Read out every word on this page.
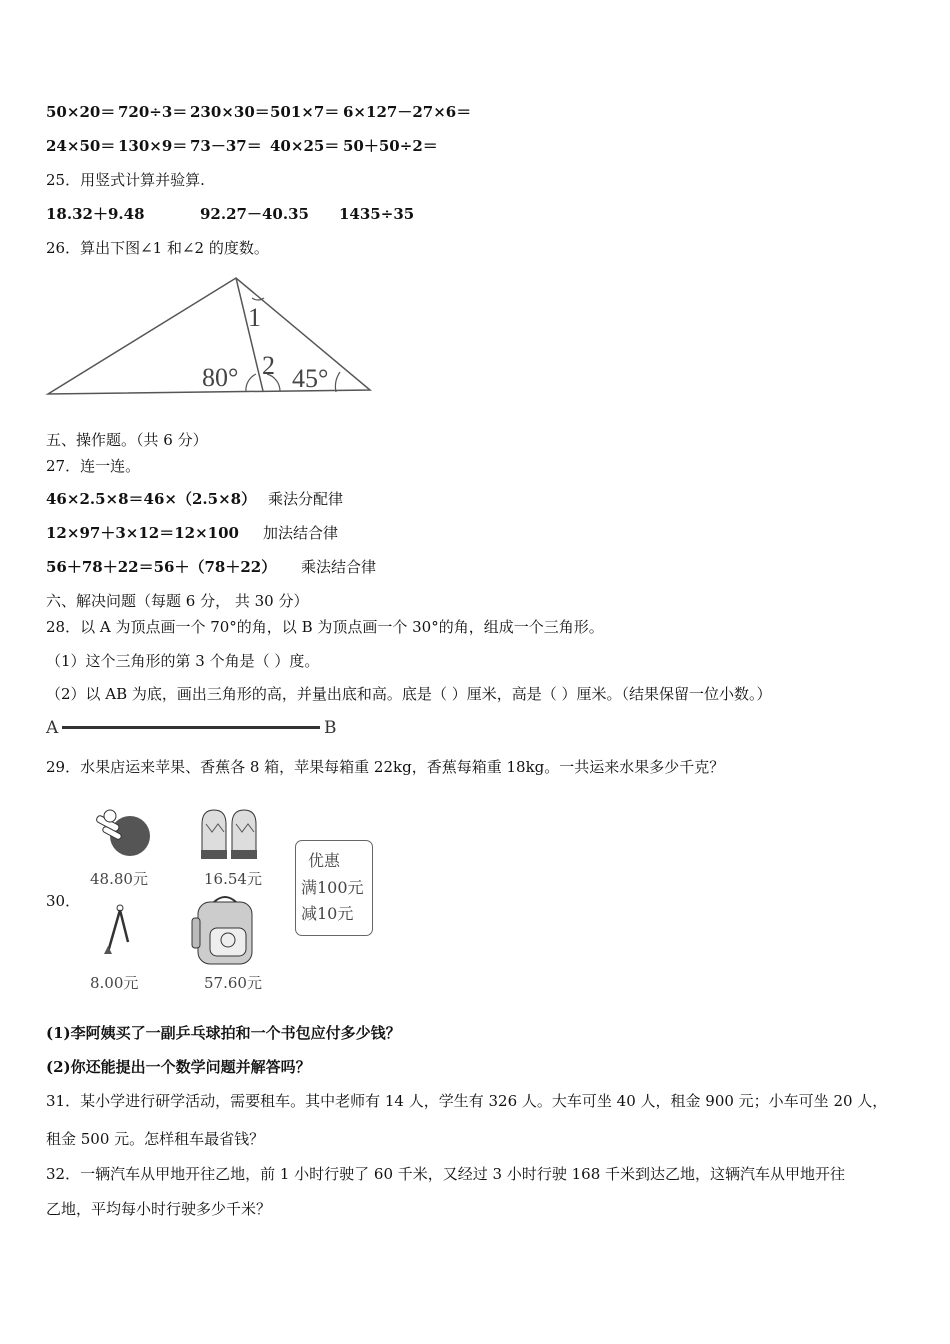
50×20＝ 720÷3＝ 230×30＝ 501×7＝ 6×127－27×6＝
24×50＝ 130×9＝ 73－37＝ 40×25＝ 50＋50÷2＝
25．用竖式计算并验算.
18.32＋9.48	92.27－40.35 1435÷35
26．算出下图∠1 和∠2 的度数。
1
2
80° 45°
五、操作题。（共 6 分）
27．连一连。
46×2.5×8＝46×（2.5×8） 乘法分配律
12×97＋3×12＝12×100 加法结合律
56＋78＋22＝56＋（78＋22） 乘法结合律
六、解决问题（每题 6 分， 共 30 分）
28．以 A 为顶点画一个 70°的角，以 B 为顶点画一个 30°的角，组成一个三角形。
（1）这个三角形的第 3 个角是（ ）度。
（2）以 AB 为底，画出三角形的高，并量出底和高。底是（ ）厘米，高是（ ）厘米。（结果保留一位小数。）
A	B
29．水果店运来苹果、香蕉各 8 箱，苹果每箱重 22kg，香蕉每箱重 18kg。一共运来水果多少千克？
30．
48.80元	16.54元
8.00元	57.60元
优惠
满100元
减10元
(1)李阿姨买了一副乒乓球拍和一个书包应付多少钱？
(2)你还能提出一个数学问题并解答吗？
31．某小学进行研学活动，需要租车。其中老师有 14 人，学生有 326 人。大车可坐 40 人，租金 900 元；小车可坐 20 人，
租金 500 元。怎样租车最省钱？
32．一辆汽车从甲地开往乙地，前 1 小时行驶了 60 千米，又经过 3 小时行驶 168 千米到达乙地，这辆汽车从甲地开往
乙地，平均每小时行驶多少千米？
